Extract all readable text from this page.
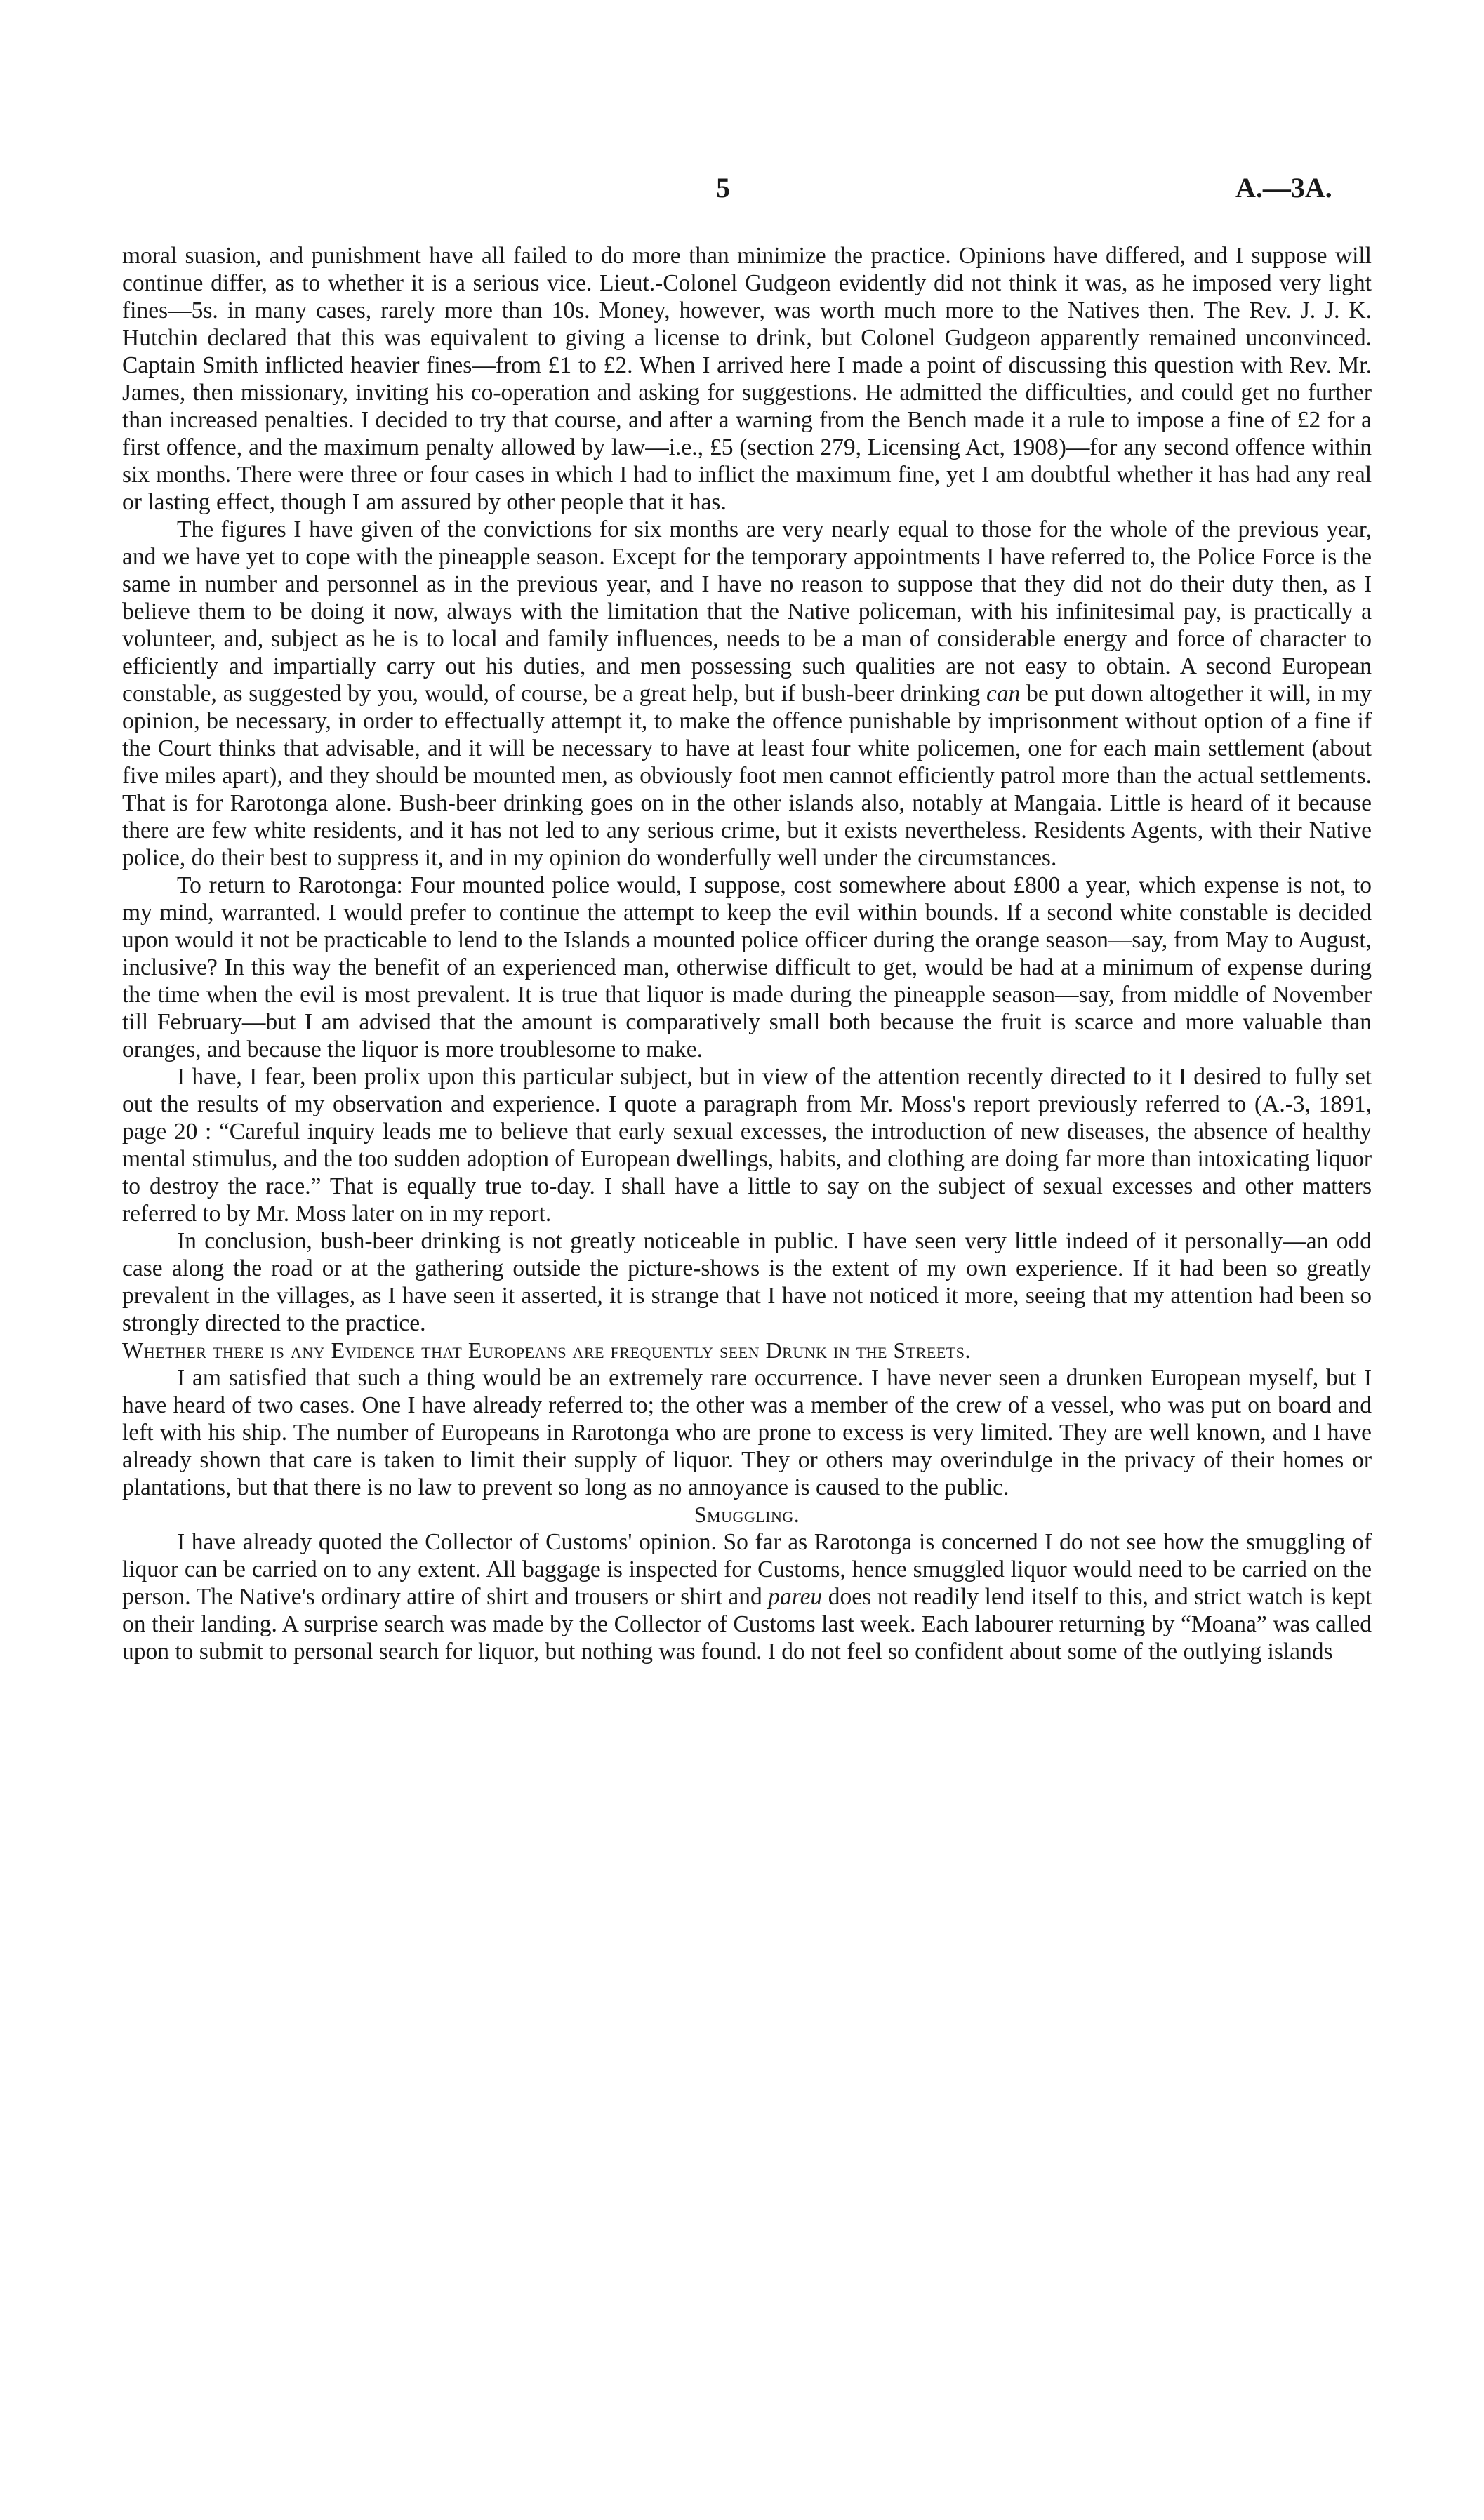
5	A.—3A.

moral suasion, and punishment have all failed to do more than minimize the practice. Opinions have differed, and I suppose will continue differ, as to whether it is a serious vice. Lieut.-Colonel Gudgeon evidently did not think it was, as he imposed very light fines—5s. in many cases, rarely more than 10s. Money, however, was worth much more to the Natives then. The Rev. J. J. K. Hutchin declared that this was equivalent to giving a license to drink, but Colonel Gudgeon apparently remained unconvinced. Captain Smith inflicted heavier fines—from £1 to £2. When I arrived here I made a point of discussing this question with Rev. Mr. James, then missionary, inviting his co-operation and asking for suggestions. He admitted the difficulties, and could get no further than increased penalties. I decided to try that course, and after a warning from the Bench made it a rule to impose a fine of £2 for a first offence, and the maximum penalty allowed by law—i.e., £5 (section 279, Licensing Act, 1908)—for any second offence within six months. There were three or four cases in which I had to inflict the maximum fine, yet I am doubtful whether it has had any real or lasting effect, though I am assured by other people that it has.

The figures I have given of the convictions for six months are very nearly equal to those for the whole of the previous year, and we have yet to cope with the pineapple season. Except for the temporary appointments I have referred to, the Police Force is the same in number and personnel as in the previous year, and I have no reason to suppose that they did not do their duty then, as I believe them to be doing it now, always with the limitation that the Native policeman, with his infinitesimal pay, is practically a volunteer, and, subject as he is to local and family influences, needs to be a man of considerable energy and force of character to efficiently and impartially carry out his duties, and men possessing such qualities are not easy to obtain. A second European constable, as suggested by you, would, of course, be a great help, but if bush-beer drinking can be put down altogether it will, in my opinion, be necessary, in order to effectually attempt it, to make the offence punishable by imprisonment without option of a fine if the Court thinks that advisable, and it will be necessary to have at least four white policemen, one for each main settlement (about five miles apart), and they should be mounted men, as obviously foot men cannot efficiently patrol more than the actual settlements. That is for Rarotonga alone. Bush-beer drinking goes on in the other islands also, notably at Mangaia. Little is heard of it because there are few white residents, and it has not led to any serious crime, but it exists nevertheless. Residents Agents, with their Native police, do their best to suppress it, and in my opinion do wonderfully well under the circumstances.

To return to Rarotonga: Four mounted police would, I suppose, cost somewhere about £800 a year, which expense is not, to my mind, warranted. I would prefer to continue the attempt to keep the evil within bounds. If a second white constable is decided upon would it not be practicable to lend to the Islands a mounted police officer during the orange season—say, from May to August, inclusive? In this way the benefit of an experienced man, otherwise difficult to get, would be had at a minimum of expense during the time when the evil is most prevalent. It is true that liquor is made during the pineapple season—say, from middle of November till February—but I am advised that the amount is comparatively small both because the fruit is scarce and more valuable than oranges, and because the liquor is more troublesome to make.

I have, I fear, been prolix upon this particular subject, but in view of the attention recently directed to it I desired to fully set out the results of my observation and experience. I quote a paragraph from Mr. Moss's report previously referred to (A.-3, 1891, page 20 : “Careful inquiry leads me to believe that early sexual excesses, the introduction of new diseases, the absence of healthy mental stimulus, and the too sudden adoption of European dwellings, habits, and clothing are doing far more than intoxicating liquor to destroy the race.” That is equally true to-day. I shall have a little to say on the subject of sexual excesses and other matters referred to by Mr. Moss later on in my report.

In conclusion, bush-beer drinking is not greatly noticeable in public. I have seen very little indeed of it personally—an odd case along the road or at the gathering outside the picture-shows is the extent of my own experience. If it had been so greatly prevalent in the villages, as I have seen it asserted, it is strange that I have not noticed it more, seeing that my attention had been so strongly directed to the practice.

Whether there is any Evidence that Europeans are frequently seen Drunk in the Streets.

I am satisfied that such a thing would be an extremely rare occurrence. I have never seen a drunken European myself, but I have heard of two cases. One I have already referred to; the other was a member of the crew of a vessel, who was put on board and left with his ship. The number of Europeans in Rarotonga who are prone to excess is very limited. They are well known, and I have already shown that care is taken to limit their supply of liquor. They or others may overindulge in the privacy of their homes or plantations, but that there is no law to prevent so long as no annoyance is caused to the public.

Smuggling.

I have already quoted the Collector of Customs' opinion. So far as Rarotonga is concerned I do not see how the smuggling of liquor can be carried on to any extent. All baggage is inspected for Customs, hence smuggled liquor would need to be carried on the person. The Native's ordinary attire of shirt and trousers or shirt and pareu does not readily lend itself to this, and strict watch is kept on their landing. A surprise search was made by the Collector of Customs last week. Each labourer returning by “Moana” was called upon to submit to personal search for liquor, but nothing was found. I do not feel so confident about some of the outlying islands
